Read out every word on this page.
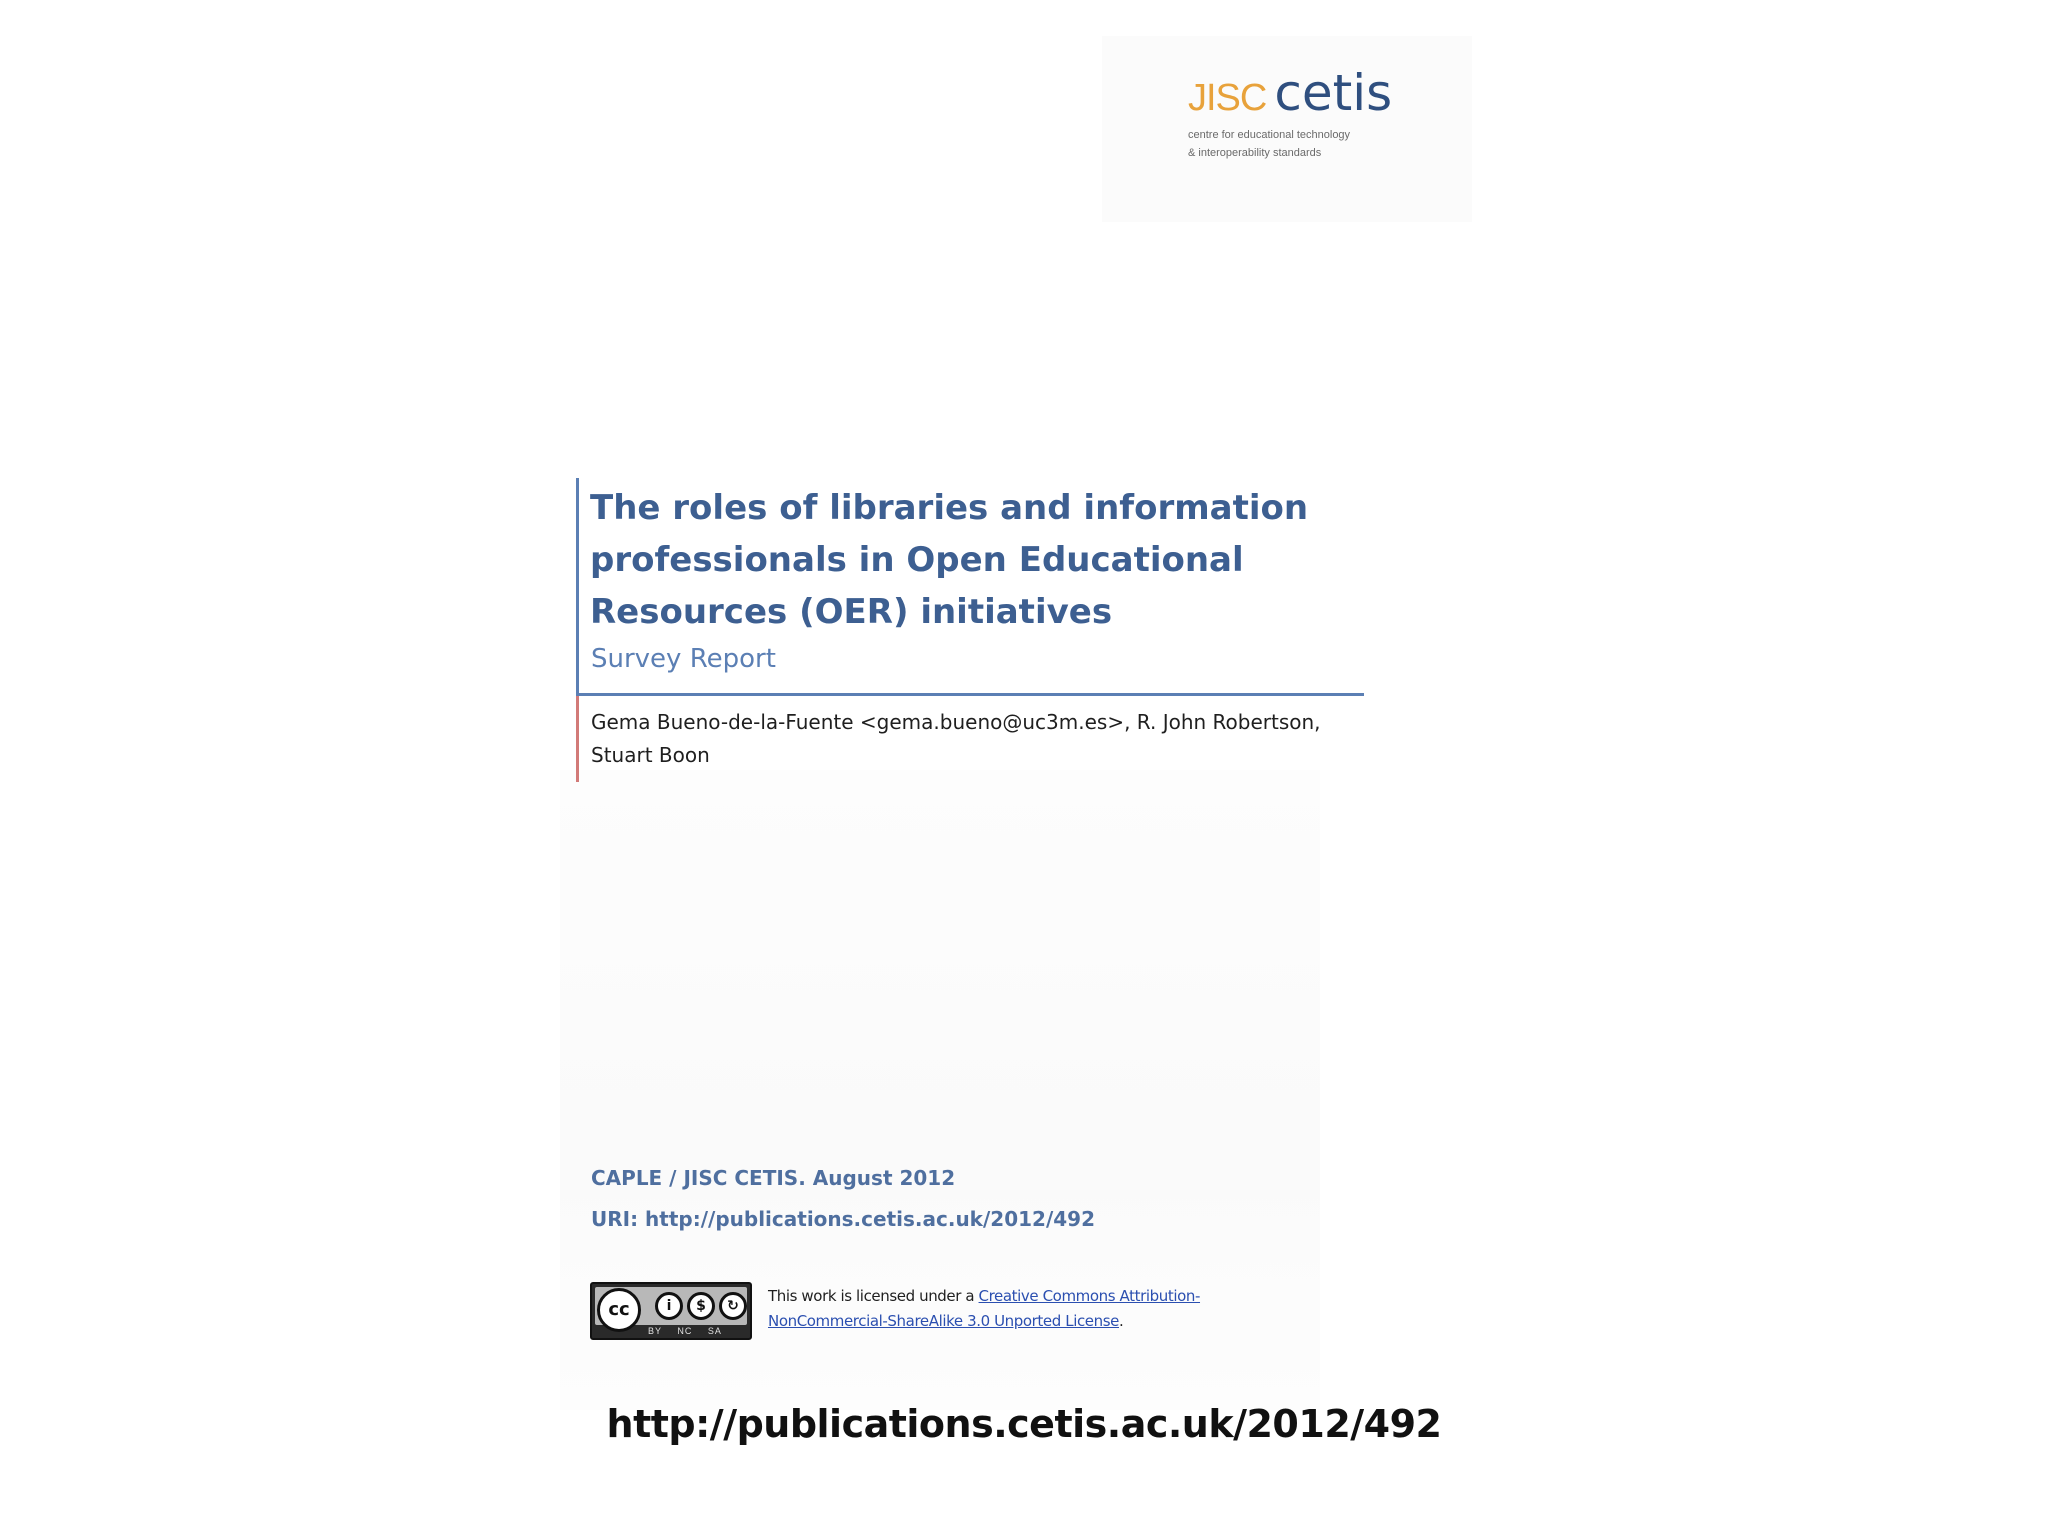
JISC cetis
centre for educational technology
& interoperability standards
The roles of libraries and information professionals in Open Educational Resources (OER) initiatives
Survey Report
Gema Bueno-de-la-Fuente <gema.bueno@uc3m.es>, R. John Robertson, Stuart Boon
CAPLE / JISC CETIS. August 2012
URI: http://publications.cetis.ac.uk/2012/492
cc	i	$	↻
BY NC SA
This work is licensed under a Creative Commons Attribution-NonCommercial-ShareAlike 3.0 Unported License.
http://publications.cetis.ac.uk/2012/492
